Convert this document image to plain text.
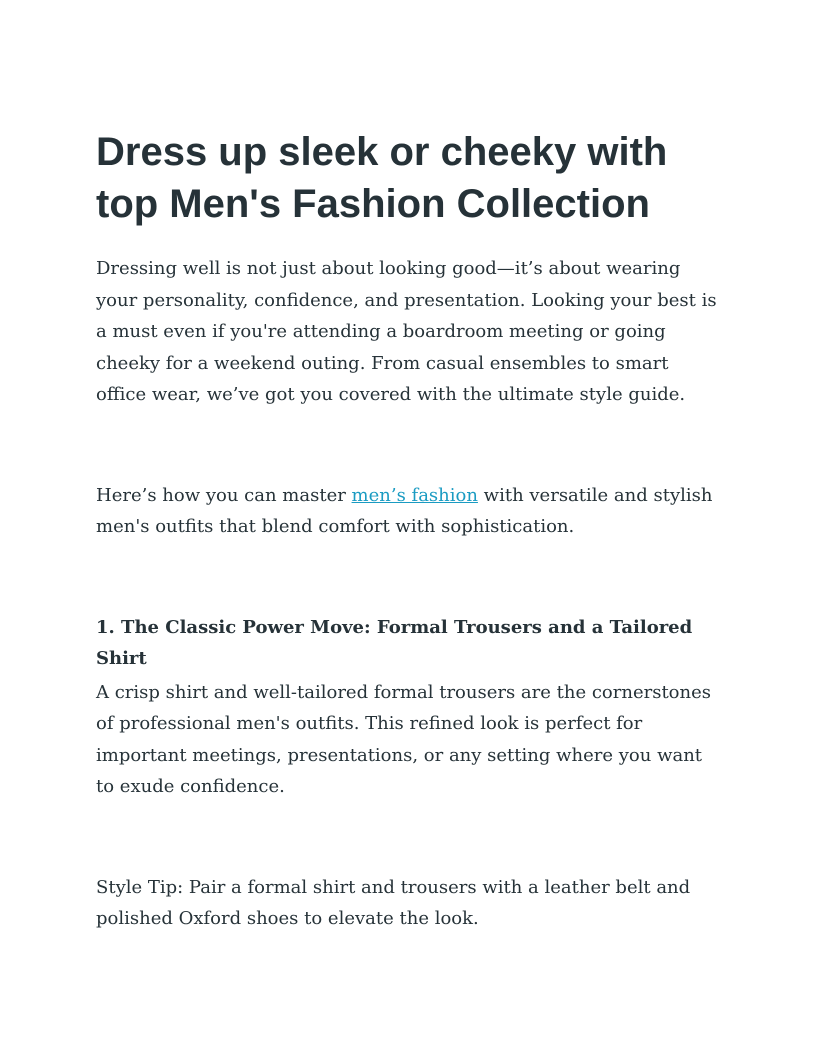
Dress up sleek or cheeky with top Men's Fashion Collection

Dressing well is not just about looking good—it’s about wearing your personality, confidence, and presentation. Looking your best is a must even if you're attending a boardroom meeting or going cheeky for a weekend outing. From casual ensembles to smart office wear, we’ve got you covered with the ultimate style guide.

Here’s how you can master men’s fashion with versatile and stylish men's outfits that blend comfort with sophistication.

1. The Classic Power Move: Formal Trousers and a Tailored Shirt

A crisp shirt and well-tailored formal trousers are the cornerstones of professional men's outfits. This refined look is perfect for important meetings, presentations, or any setting where you want to exude confidence.

Style Tip: Pair a formal shirt and trousers with a leather belt and polished Oxford shoes to elevate the look.
